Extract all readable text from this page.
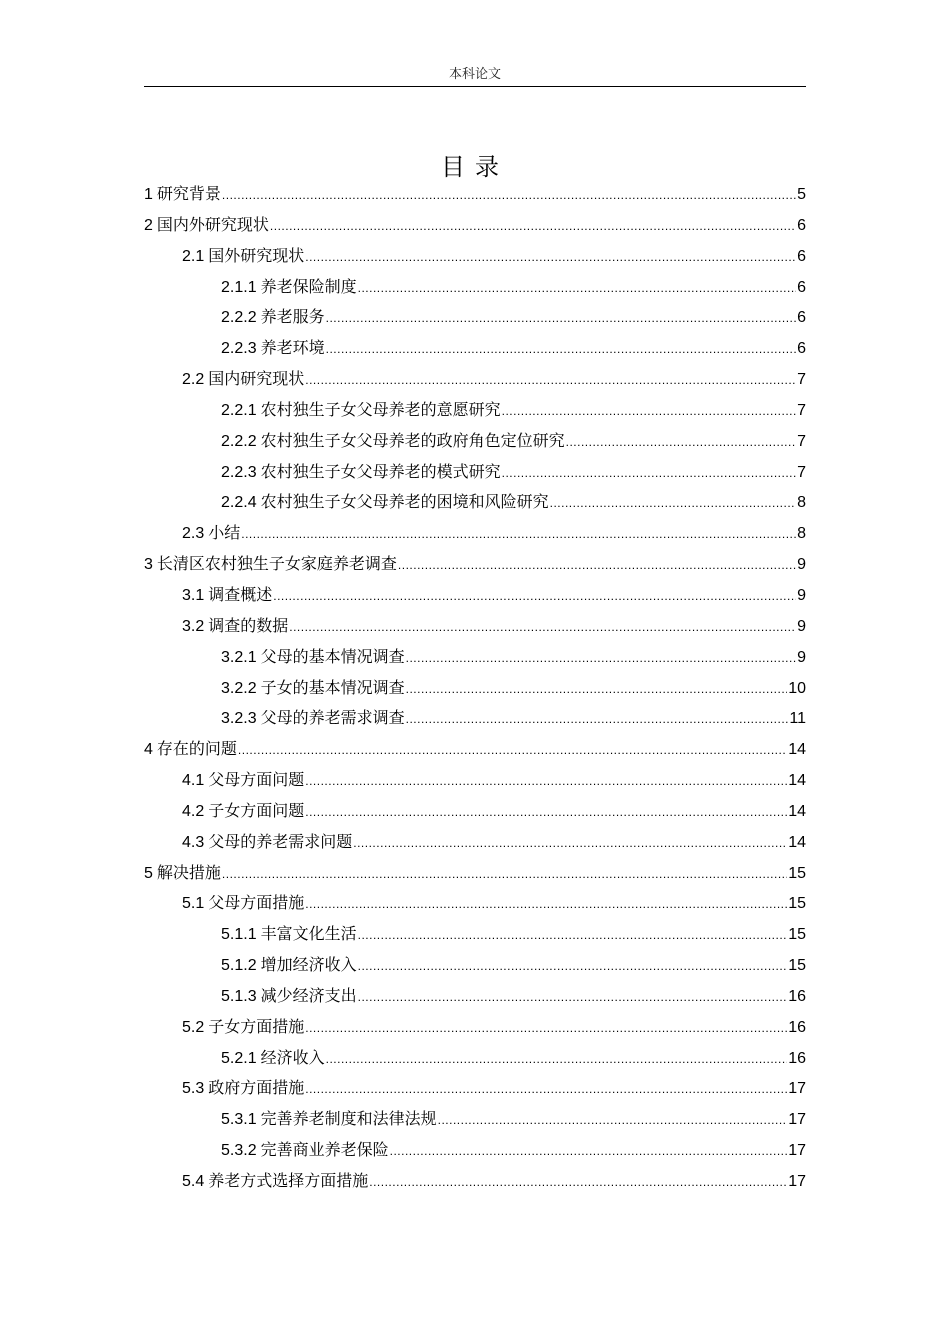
本科论文
目录
1 研究背景 .....	5
2 国内外研究现状 .....	6
2.1 国外研究现状 .....	6
2.1.1 养老保险制度 .....	6
2.2.2 养老服务 .....	6
2.2.3 养老环境 .....	6
2.2 国内研究现状 .....	7
2.2.1 农村独生子女父母养老的意愿研究 .....	7
2.2.2 农村独生子女父母养老的政府角色定位研究 .....	7
2.2.3 农村独生子女父母养老的模式研究 .....	7
2.2.4 农村独生子女父母养老的困境和风险研究 .....	8
2.3 小结 .....	8
3 长清区农村独生子女家庭养老调查 .....	9
3.1 调查概述 .....	9
3.2 调查的数据 .....	9
3.2.1 父母的基本情况调查 .....	9
3.2.2 子女的基本情况调查 .....	10
3.2.3 父母的养老需求调查 .....	11
4 存在的问题 .....	14
4.1 父母方面问题 .....	14
4.2 子女方面问题 .....	14
4.3 父母的养老需求问题 .....	14
5 解决措施 .....	15
5.1 父母方面措施 .....	15
5.1.1 丰富文化生活 .....	15
5.1.2 增加经济收入 .....	15
5.1.3 减少经济支出 .....	16
5.2 子女方面措施 .....	16
5.2.1 经济收入 .....	16
5.3 政府方面措施 .....	17
5.3.1 完善养老制度和法律法规 .....	17
5.3.2 完善商业养老保险 .....	17
5.4 养老方式选择方面措施 .....	17
